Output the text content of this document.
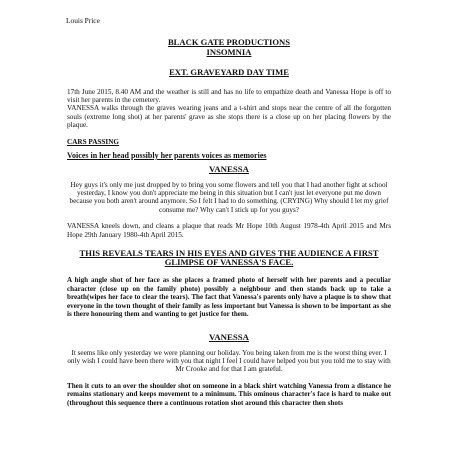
Louis Price
BLACK GATE PRODUCTIONS
INSOMNIA
EXT. GRAVEYARD DAY TIME

17th June 2015, 8.40 AM and the weather is still and has no life to empathize death and Vanessa Hope is off to visit her parents in the cemetery.
VANESSA walks through the graves wearing jeans and a t-shirt and stops near the centre of all the forgotten souls (extreme long shot) at her parents' grave as she stops there is a close up on her placing flowers by the plaque.

CARS PASSING
Voices in her head possibly her parents voices as memories
VANESSA

Hey guys it's only me just dropped by to bring you some flowers and tell you that I had another fight at school yesterday, I know you don't appreciate me being in this situation but I can't just let everyone put me down because you both aren't around anymore. So I felt I had to do something. (CRYING) Why should I let my grief consume me? Why can't I stick up for you guys?

VANESSA kneels down, and cleans a plaque that reads Mr Hope 10th August 1978-4th April 2015 and Mrs Hope 29th January 1980-4th April 2015.

THIS REVEALS TEARS IN HIS EYES AND GIVES THE AUDIENCE A FIRST GLIMPSE OF VANESSA'S FACE.

A high angle shot of her face as she places a framed photo of herself with her parents and a peculiar character (close up on the family photo) possibly a neighbour and then stands back up to take a breath(wipes her face to clear the tears). The fact that Vanessa's parents only have a plaque is to show that everyone in the town thought of their family as less important but Vanessa is shown to be important as she is there honouring them and wanting to get justice for them.

VANESSA

It seems like only yesterday we were planning our holiday. You being taken from me is the worst thing ever. I only wish I could have been there with you that night I feel I could have helped you but you told me to stay with Mr Crooke and for that I am grateful.

Then it cuts to an over the shoulder shot on someone in a black shirt watching Vanessa from a distance he remains stationary and keeps movement to a minimum. This ominous character's face is hard to make out (throughout this sequence there a continuous rotation shot around this character then shots
